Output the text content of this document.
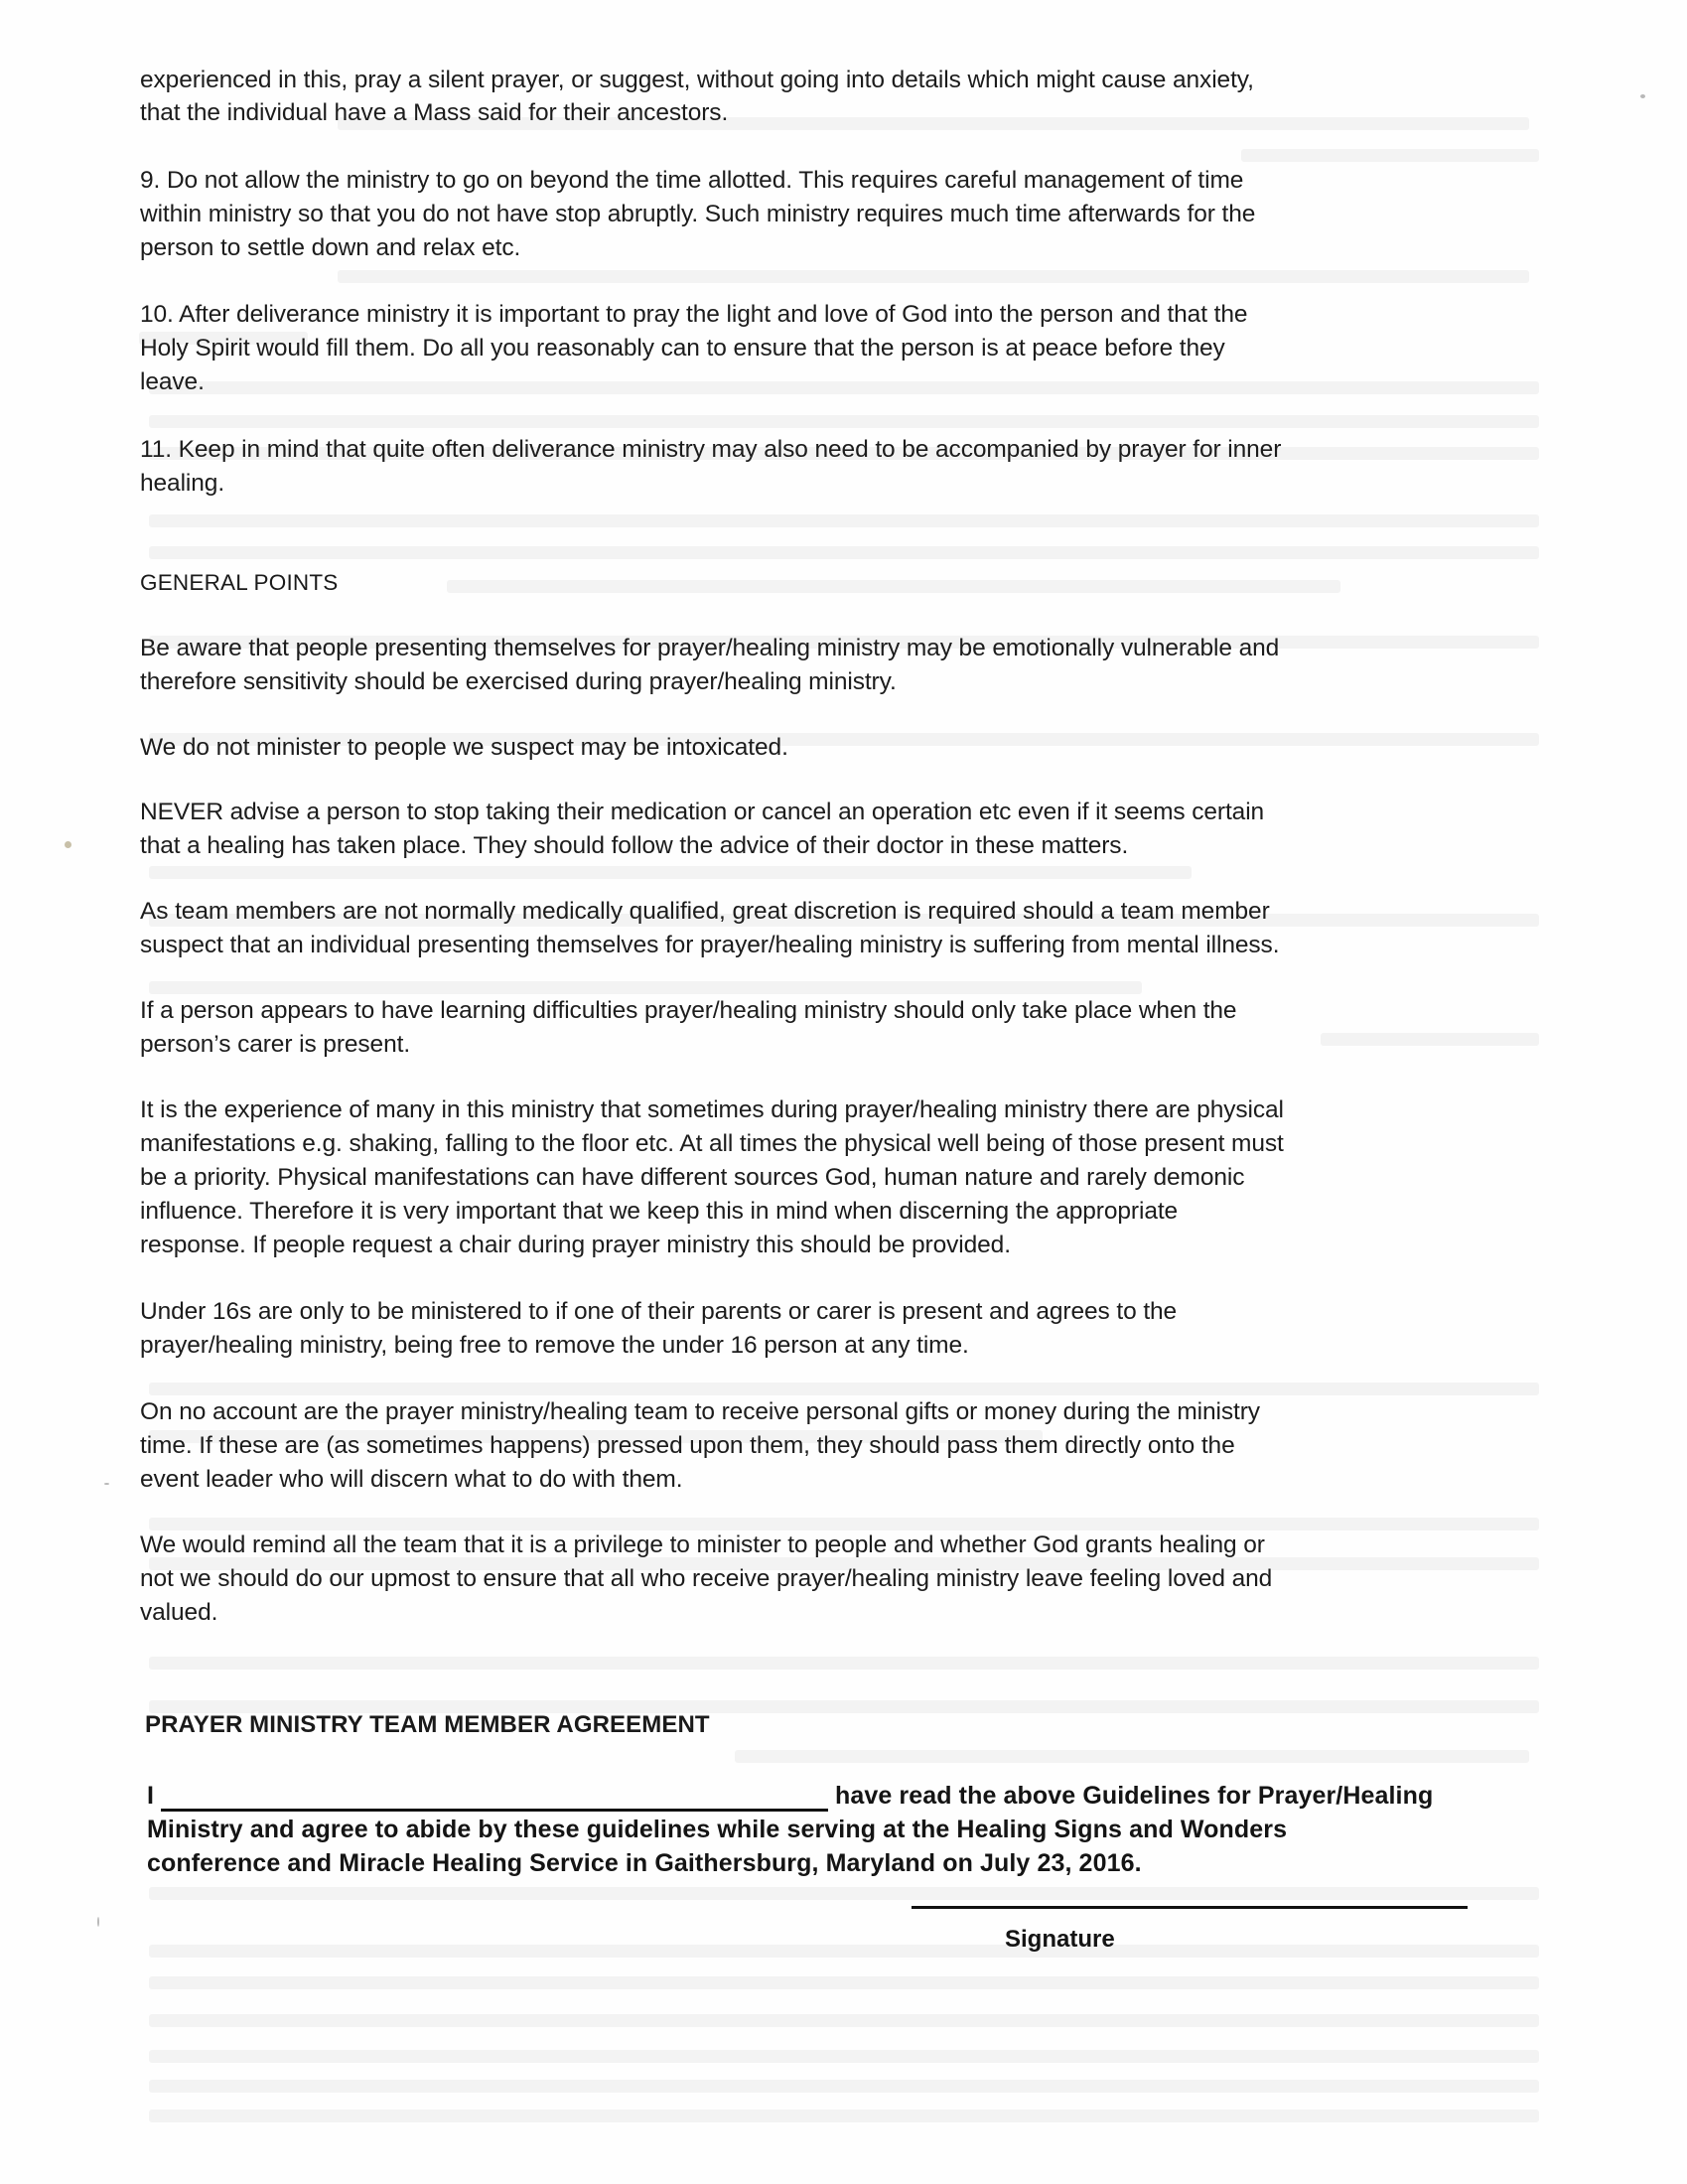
experienced in this, pray a silent prayer, or suggest, without going into details which might cause anxiety,
that the individual have a Mass said for their ancestors.
9. Do not allow the ministry to go on beyond the time allotted. This requires careful management of time
within ministry so that you do not have stop abruptly. Such ministry requires much time afterwards for the
person to settle down and relax etc.
10. After deliverance ministry it is important to pray the light and love of God into the person and that the
Holy Spirit would fill them. Do all you reasonably can to ensure that the person is at peace before they
leave.
11. Keep in mind that quite often deliverance ministry may also need to be accompanied by prayer for inner
healing.
GENERAL POINTS
Be aware that people presenting themselves for prayer/healing ministry may be emotionally vulnerable and
therefore sensitivity should be exercised during prayer/healing ministry.
We do not minister to people we suspect may be intoxicated.
NEVER advise a person to stop taking their medication or cancel an operation etc even if it seems certain
that a healing has taken place. They should follow the advice of their doctor in these matters.
As team members are not normally medically qualified, great discretion is required should a team member
suspect that an individual presenting themselves for prayer/healing ministry is suffering from mental illness.
If a person appears to have learning difficulties prayer/healing ministry should only take place when the
person’s carer is present.
It is the experience of many in this ministry that sometimes during prayer/healing ministry there are physical
manifestations e.g. shaking, falling to the floor etc. At all times the physical well being of those present must
be a priority. Physical manifestations can have different sources God, human nature and rarely demonic
influence. Therefore it is very important that we keep this in mind when discerning the appropriate
response. If people request a chair during prayer ministry this should be provided.
Under 16s are only to be ministered to if one of their parents or carer is present and agrees to the
prayer/healing ministry, being free to remove the under 16 person at any time.
On no account are the prayer ministry/healing team to receive personal gifts or money during the ministry
time. If these are (as sometimes happens) pressed upon them, they should pass them directly onto the
event leader who will discern what to do with them.
We would remind all the team that it is a privilege to minister to people and whether God grants healing or
not we should do our upmost to ensure that all who receive prayer/healing ministry leave feeling loved and
valued.
PRAYER MINISTRY TEAM MEMBER AGREEMENT
I	have read the above Guidelines for Prayer/Healing
Ministry and agree to abide by these guidelines while serving at the Healing Signs and Wonders
conference and Miracle Healing Service in Gaithersburg, Maryland on July 23, 2016.
Signature
